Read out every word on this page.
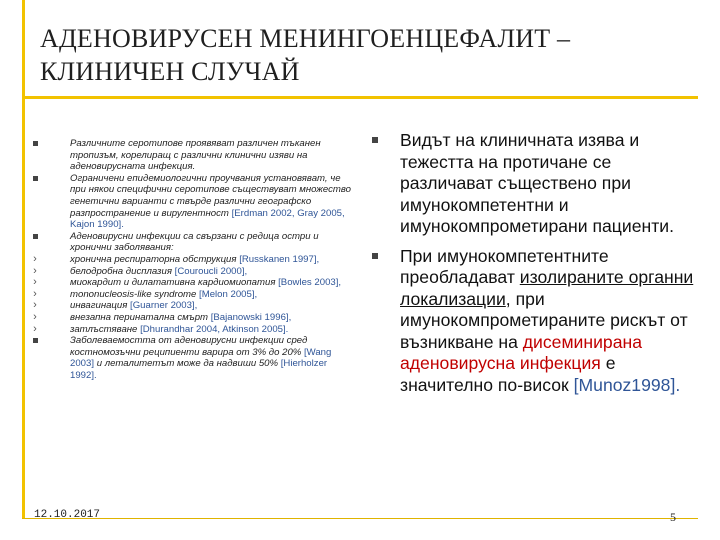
АДЕНОВИРУСЕН МЕНИНГОЕНЦЕФАЛИТ –
КЛИНИЧЕН СЛУЧАЙ
Различните серотипове проявяват различен тъканен тропизъм, корелиращ с различни клинични изяви на аденовирусната инфекция.
Ограничени епидемиологични проучвания установяват, че при някои специфични серотипове съществуват множество генетични варианти с твърде различни географско разпространение и вирулентност [Erdman 2002, Gray 2005, Kajon 1990].
Аденовирусни инфекции са свързани с редица остри и хронични заболявания:
›
хронична респираторна обструкция [Russkanen 1997],
›
белодробна дисплазия [Couroucli 2000],
›
миокардит и дилатативна кардиомиопатия [Bowles 2003],
›
mononucleosis-like syndrome [Melon 2005],
›
инвагинация [Guarner 2003],
›
внезапна перинатална смърт [Bajanowski 1996],
›
затлъстяване [Dhurandhar 2004, Atkinson 2005].
Заболеваемостта от аденовирусни инфекции сред костномозъчни реципиенти варира от 3% до 20% [Wang 2003] и леталитетът може да надвиши 50% [Hierholzer 1992].
Видът на клиничната изява и тежестта на протичане се различават съществено при имунокомпетентни и имунокомпрометирани пациенти.
При имунокомпетентните преобладават изолираните органни локализации, при имунокомпрометираните рискът от възникване на дисеминирана аденовирусна инфекция е значително по-висок [Munoz1998].
12.10.2017	5
